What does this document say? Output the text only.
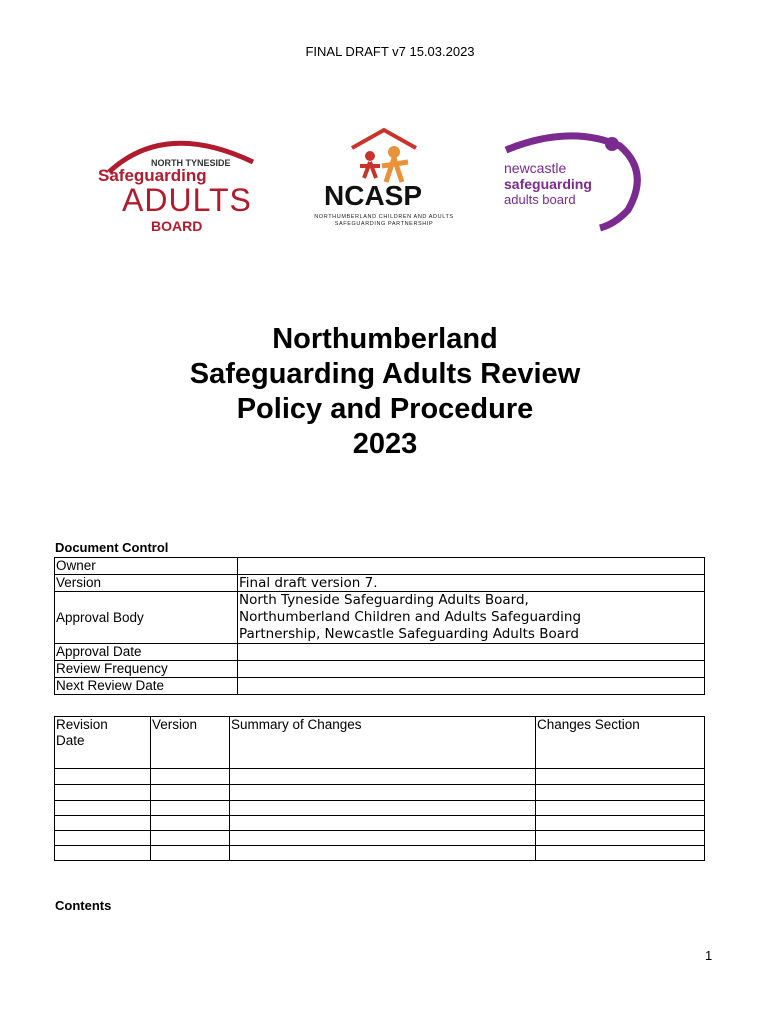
FINAL DRAFT v7 15.03.2023
NORTH TYNESIDE
Safeguarding
ADULTS
BOARD
NCASP
NORTHUMBERLAND CHILDREN AND ADULTS
SAFEGUARDING PARTNERSHIP
newcastle
safeguarding
adults board
Northumberland
Safeguarding Adults Review
Policy and Procedure
2023
Document Control
Owner	
Version	Final draft version 7.
Approval Body	North Tyneside Safeguarding Adults Board,
Northumberland Children and Adults Safeguarding
Partnership, Newcastle Safeguarding Adults Board

Approval Date	
Review Frequency	
Next Review Date	
Revision
Date	Version	Summary of Changes	Changes Section

Contents
1
